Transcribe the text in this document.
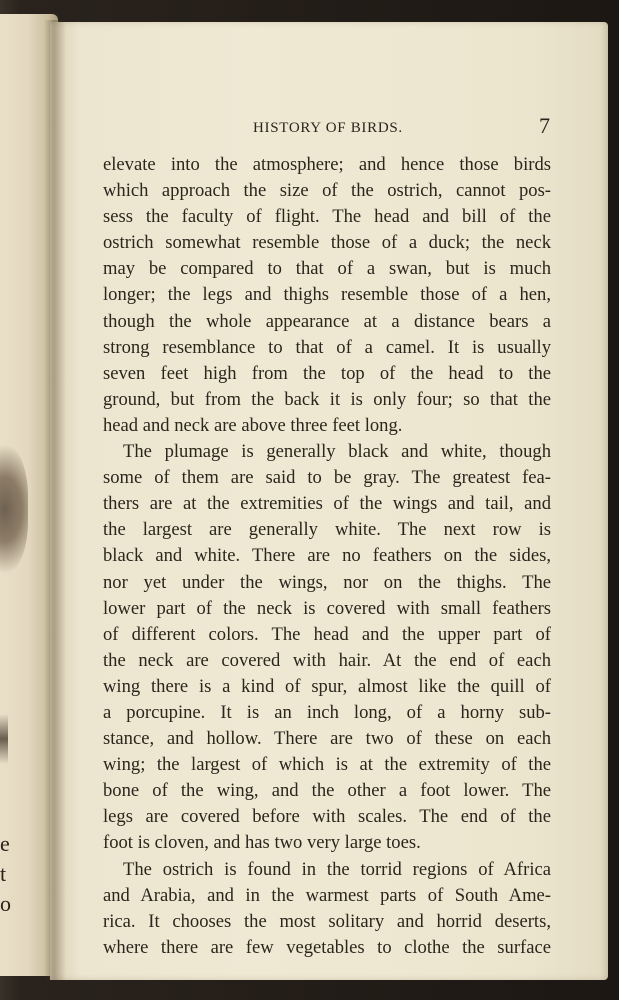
e
t
o
HISTORY OF BIRDS.	7
elevate into the atmosphere; and hence those birds
which approach the size of the ostrich, cannot pos-
sess the faculty of flight. The head and bill of the
ostrich somewhat resemble those of a duck; the neck
may be compared to that of a swan, but is much
longer; the legs and thighs resemble those of a hen,
though the whole appearance at a distance bears a
strong resemblance to that of a camel. It is usually
seven feet high from the top of the head to the
ground, but from the back it is only four; so that the
head and neck are above three feet long.
The plumage is generally black and white, though
some of them are said to be gray. The greatest fea-
thers are at the extremities of the wings and tail, and
the largest are generally white. The next row is
black and white. There are no feathers on the sides,
nor yet under the wings, nor on the thighs. The
lower part of the neck is covered with small feathers
of different colors. The head and the upper part of
the neck are covered with hair. At the end of each
wing there is a kind of spur, almost like the quill of
a porcupine. It is an inch long, of a horny sub-
stance, and hollow. There are two of these on each
wing; the largest of which is at the extremity of the
bone of the wing, and the other a foot lower. The
legs are covered before with scales. The end of the
foot is cloven, and has two very large toes.
The ostrich is found in the torrid regions of Africa
and Arabia, and in the warmest parts of South Ame-
rica. It chooses the most solitary and horrid deserts,
where there are few vegetables to clothe the surface
